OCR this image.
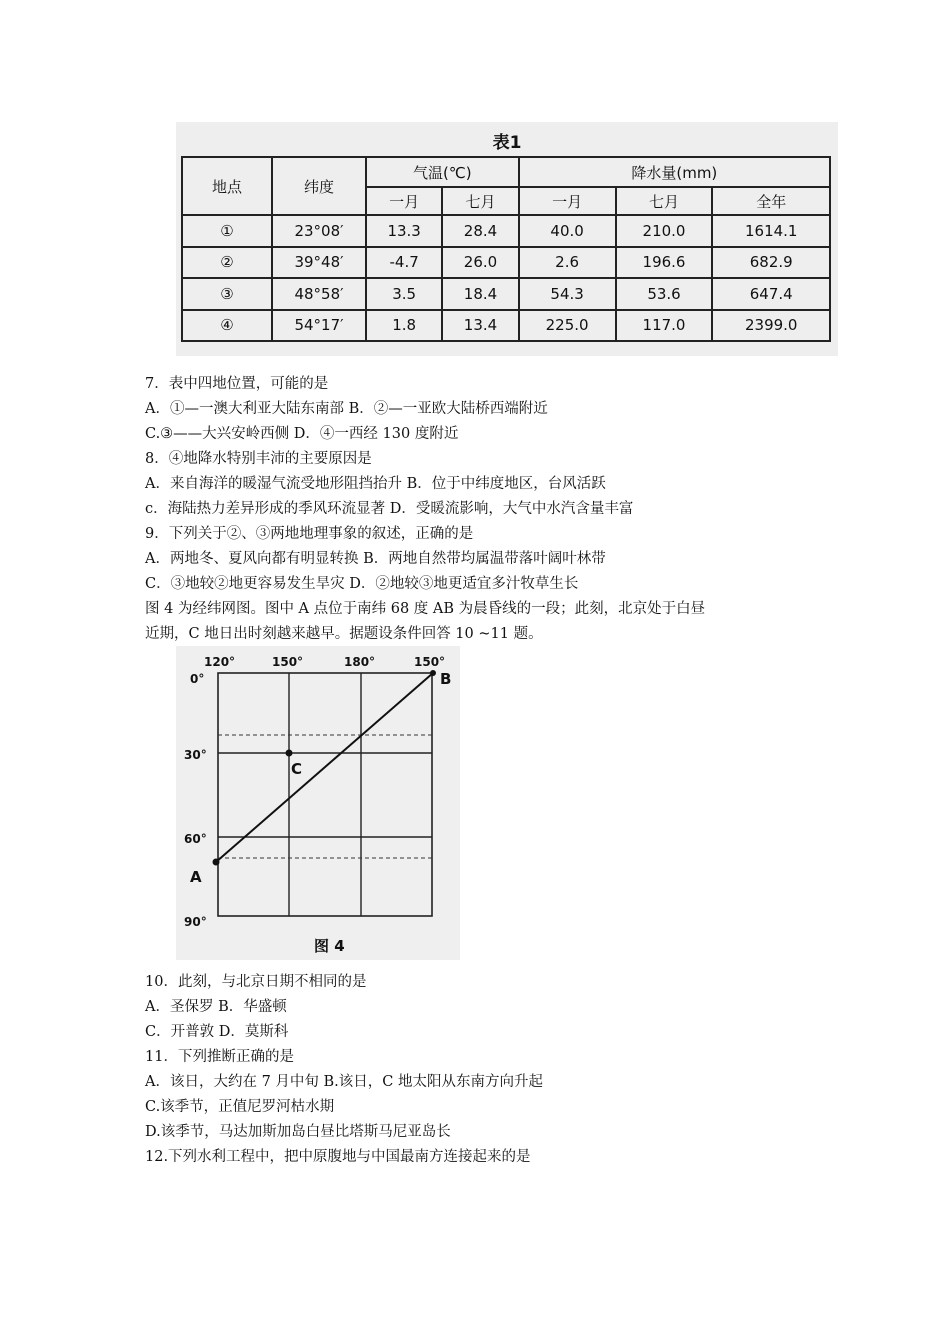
表1
地点	纬度	气温(℃)		降水量(mm)		
		一月	七月	一月	七月	全年
①	23°08′	13.3	28.4	40.0	210.0	1614.1
②	39°48′	-4.7	26.0	2.6	196.6	682.9
③	48°58′	3.5	18.4	54.3	53.6	647.4
④	54°17′	1.8	13.4	225.0	117.0	2399.0
7．表中四地位置，可能的是
A．①—一澳大利亚大陆东南部 B．②—一亚欧大陆桥西端附近
C.③——大兴安岭西侧 D．④一西经 130 度附近
8．④地降水特别丰沛的主要原因是
A．来自海洋的暖湿气流受地形阻挡抬升 B．位于中纬度地区，台风活跃
c．海陆热力差异形成的季风环流显著 D．受暖流影响，大气中水汽含量丰富
9．下列关于②、③两地地理事象的叙述，正确的是
A．两地冬、夏风向都有明显转换 B．两地自然带均属温带落叶阔叶林带
C．③地较②地更容易发生旱灾 D．②地较③地更适宜多汁牧草生长
图 4 为经纬网图。图中 A 点位于南纬 68 度 AB 为晨昏线的一段；此刻，北京处于白昼
近期，C 地日出时刻越来越早。据题设条件回答 10 ~11 题。
120°	150°	180°	150°
0°
30°
60°
90°
A
B
C
图 4
10．此刻，与北京日期不相同的是
A．圣保罗 B．华盛顿
C．开普敦 D．莫斯科
11．下列推断正确的是
A．该日，大约在 7 月中旬 B.该日，C 地太阳从东南方向升起
C.该季节，正值尼罗河枯水期
D.该季节，马达加斯加岛白昼比塔斯马尼亚岛长
12.下列水利工程中，把中原腹地与中国最南方连接起来的是
